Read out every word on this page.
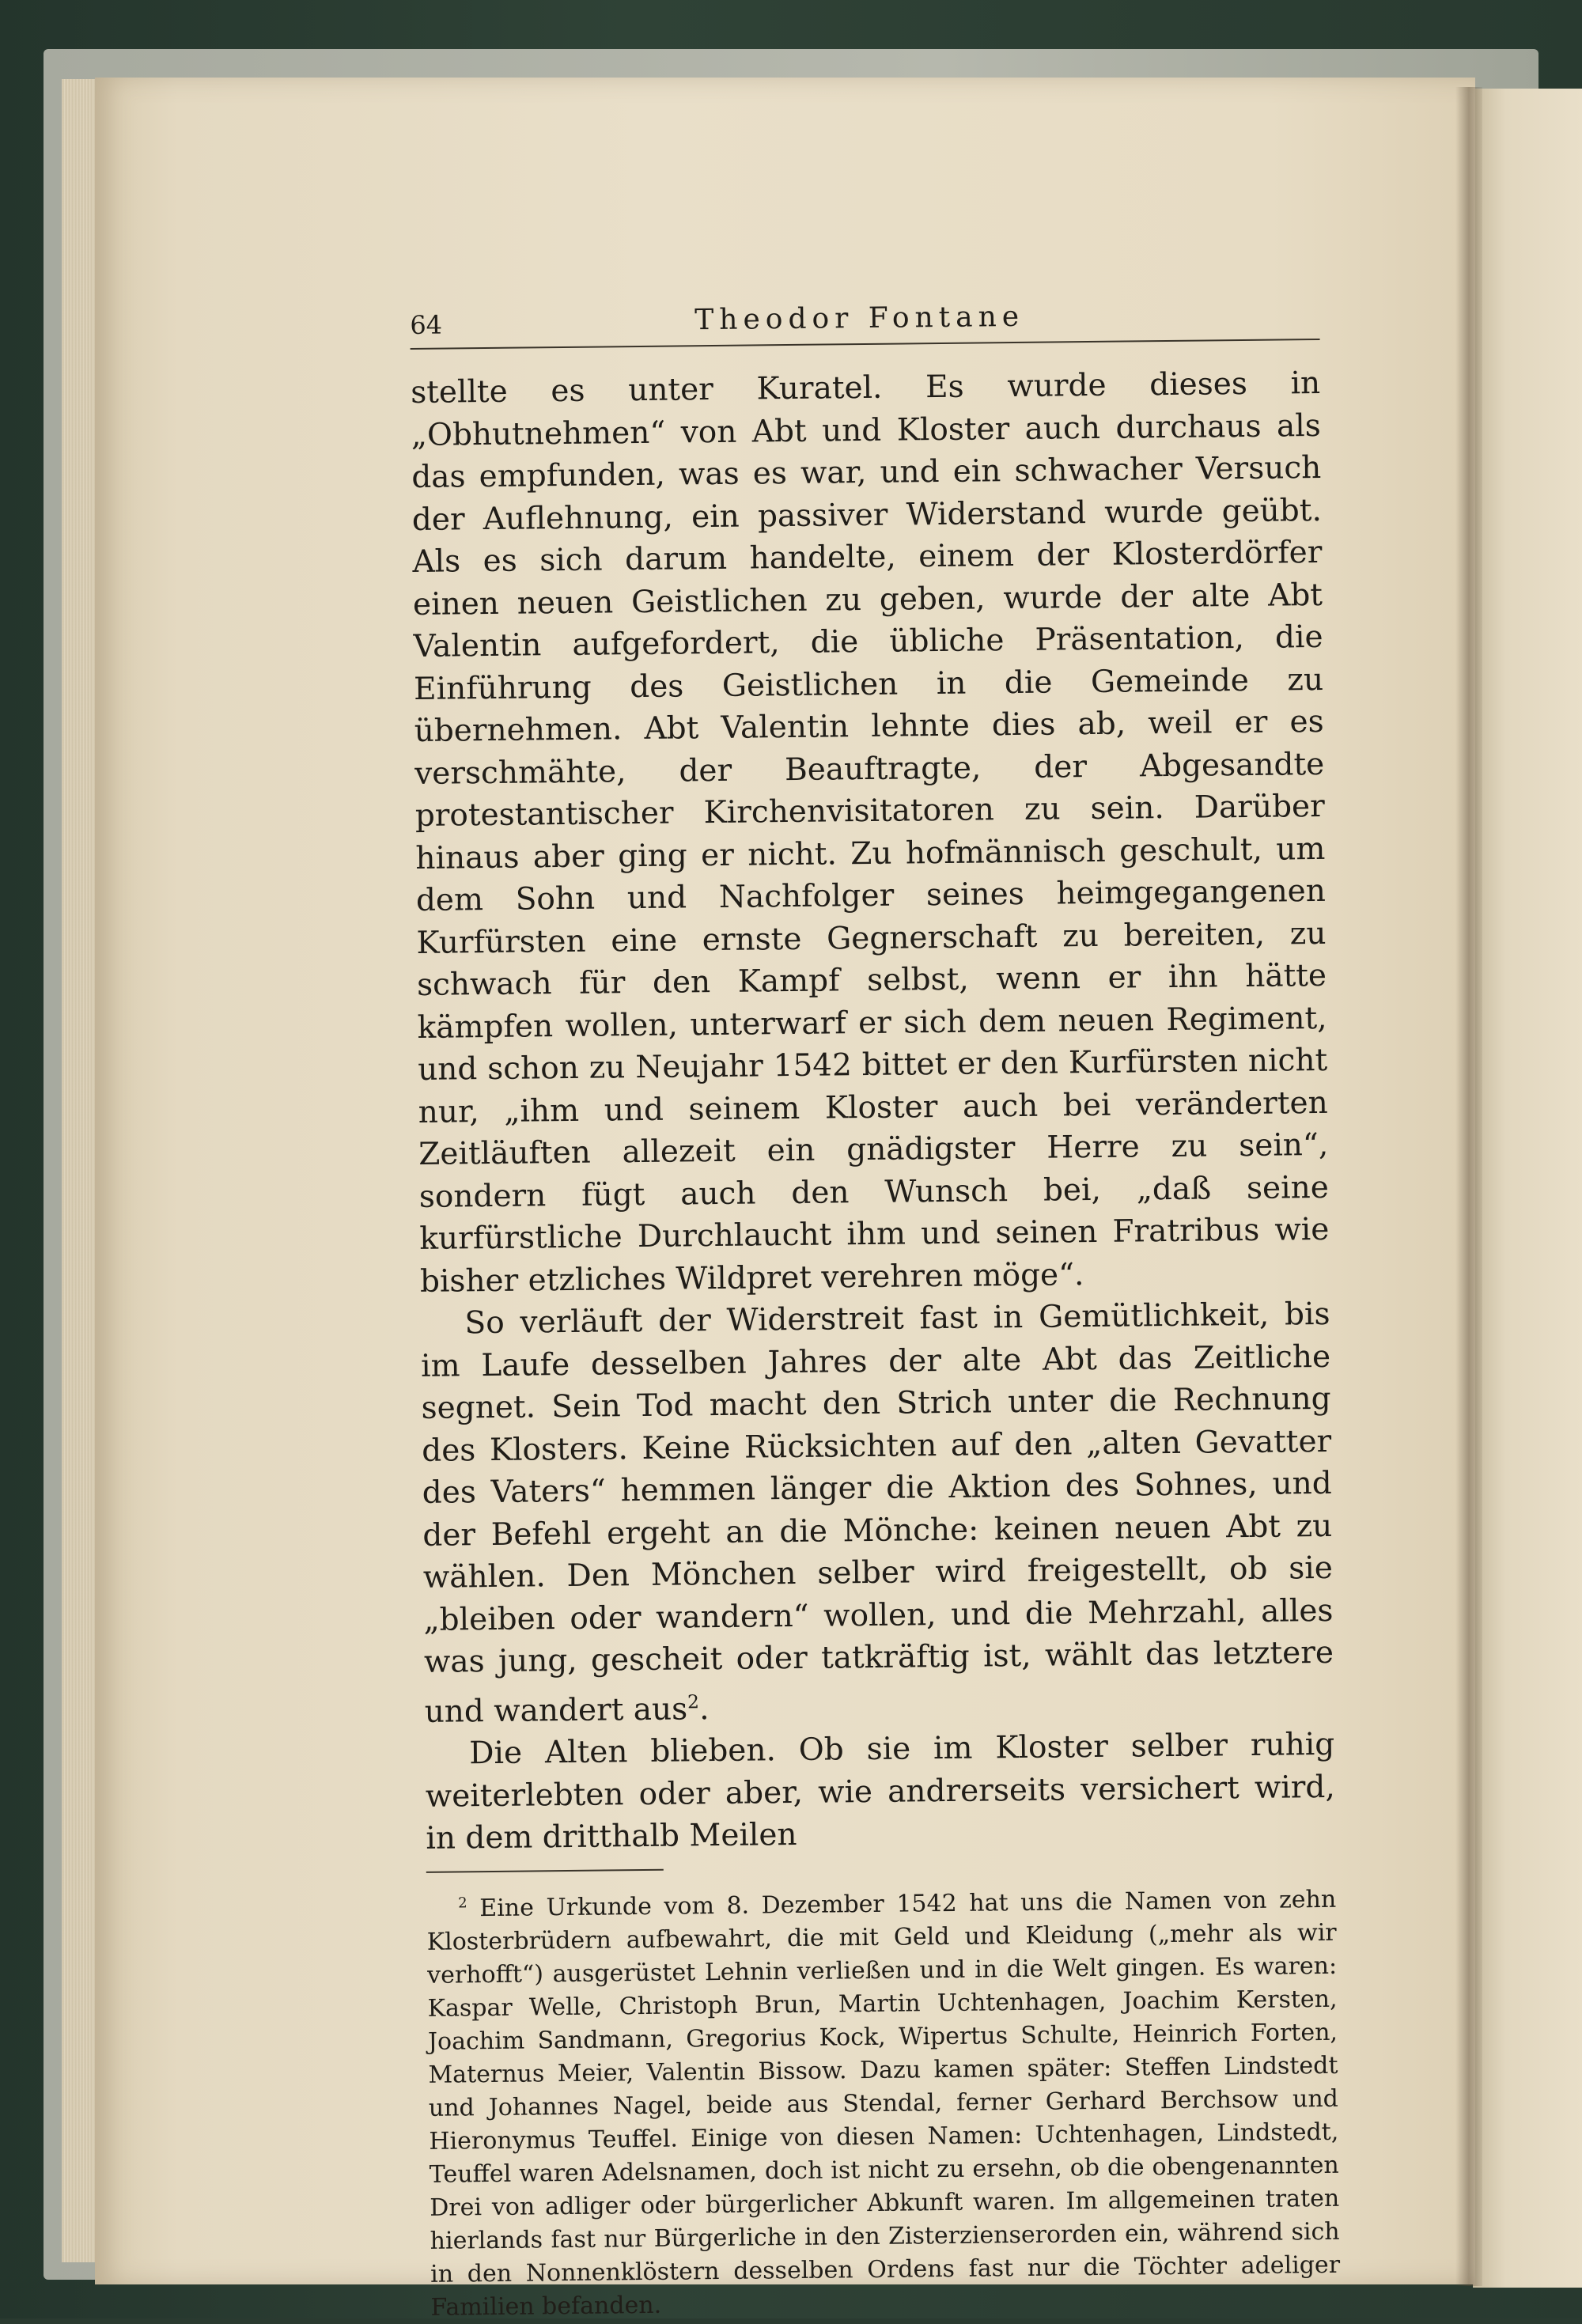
64	Theodor Fontane

stellte es unter Kuratel. Es wurde dieses in „Obhutnehmen“ von Abt und Kloster auch durchaus als das empfunden, was es war, und ein schwacher Versuch der Auflehnung, ein passiver Widerstand wurde geübt. Als es sich darum handelte, einem der Klosterdörfer einen neuen Geistlichen zu geben, wurde der alte Abt Valentin aufgefordert, die übliche Präsentation, die Einführung des Geistlichen in die Gemeinde zu übernehmen. Abt Valentin lehnte dies ab, weil er es verschmähte, der Beauftragte, der Abgesandte protestantischer Kirchenvisitatoren zu sein. Darüber hinaus aber ging er nicht. Zu hofmännisch geschult, um dem Sohn und Nachfolger seines heimgegangenen Kurfürsten eine ernste Gegnerschaft zu bereiten, zu schwach für den Kampf selbst, wenn er ihn hätte kämpfen wollen, unterwarf er sich dem neuen Regiment, und schon zu Neujahr 1542 bittet er den Kurfürsten nicht nur, „ihm und seinem Kloster auch bei veränderten Zeitläuften allezeit ein gnädigster Herre zu sein“, sondern fügt auch den Wunsch bei, „daß seine kurfürstliche Durchlaucht ihm und seinen Fratribus wie bisher etzliches Wildpret verehren möge“.

So verläuft der Widerstreit fast in Gemütlichkeit, bis im Laufe desselben Jahres der alte Abt das Zeitliche segnet. Sein Tod macht den Strich unter die Rechnung des Klosters. Keine Rücksichten auf den „alten Gevatter des Vaters“ hemmen länger die Aktion des Sohnes, und der Befehl ergeht an die Mönche: keinen neuen Abt zu wählen. Den Mönchen selber wird freigestellt, ob sie „bleiben oder wandern“ wollen, und die Mehrzahl, alles was jung, gescheit oder tatkräftig ist, wählt das letztere und wandert aus$^2$.

Die Alten blieben. Ob sie im Kloster selber ruhig weiterlebten oder aber, wie andrerseits versichert wird, in dem dritthalb Meilen

$^2$ Eine Urkunde vom 8. Dezember 1542 hat uns die Namen von zehn Klosterbrüdern aufbewahrt, die mit Geld und Kleidung („mehr als wir verhofft“) ausgerüstet Lehnin verließen und in die Welt gingen. Es waren: Kaspar Welle, Christoph Brun, Martin Uchtenhagen, Joachim Kersten, Joachim Sandmann, Gregorius Kock, Wipertus Schulte, Heinrich Forten, Maternus Meier, Valentin Bissow. Dazu kamen später: Steffen Lindstedt und Johannes Nagel, beide aus Stendal, ferner Gerhard Berchsow und Hieronymus Teuffel. Einige von diesen Namen: Uchtenhagen, Lindstedt, Teuffel waren Adelsnamen, doch ist nicht zu ersehn, ob die obengenannten Drei von adliger oder bürgerlicher Abkunft waren. Im allgemeinen traten hierlands fast nur Bürgerliche in den Zisterzienserorden ein, während sich in den Nonnenklöstern desselben Ordens fast nur die Töchter adeliger Familien befanden.
